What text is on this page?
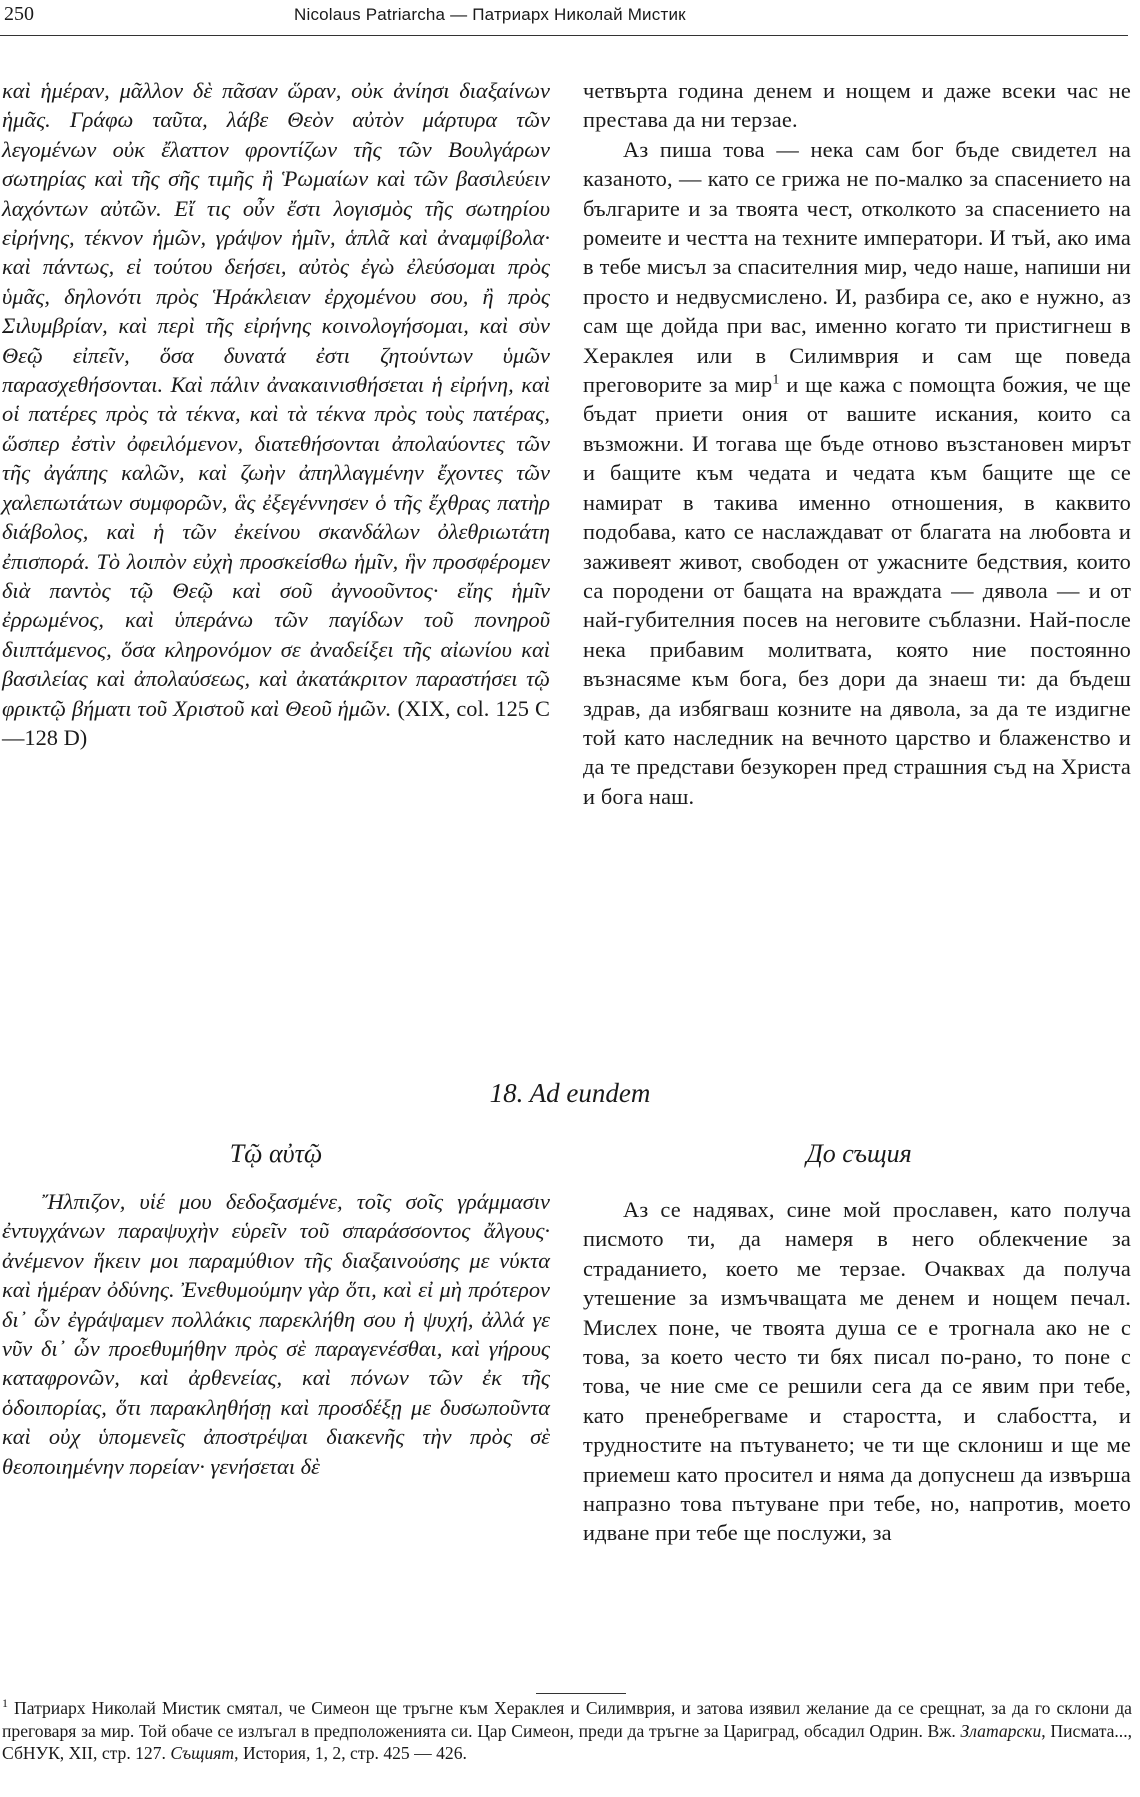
250	Nicolaus Patriarcha — Патриарх Николай Мистик

καὶ ἡμέραν, μᾶλλον δὲ πᾶσαν ὥραν, οὐκ ἀνίησι διαξαίνων ἡμᾶς. Γράφω ταῦτα, λάβε Θεὸν αὐτὸν μάρτυρα τῶν λεγομένων οὐκ ἔλαττον φροντίζων τῆς τῶν Βουλγάρων σωτηρίας καὶ τῆς σῆς τιμῆς ἢ Ῥωμαίων καὶ τῶν βασιλεύειν λαχόντων αὐτῶν. Εἴ τις οὖν ἔστι λογισμὸς τῆς σωτηρίου εἰρήνης, τέκνον ἡμῶν, γράψον ἡμῖν, ἁπλᾶ καὶ ἀναμφίβολα· καὶ πάντως, εἰ τούτου δεήσει, αὐτὸς ἐγὼ ἐλεύσομαι πρὸς ὑμᾶς, δηλονότι πρὸς Ἡράκλειαν ἐρχομένου σου, ἢ πρὸς Σιλυμβρίαν, καὶ περὶ τῆς εἰρήνης κοινολογήσομαι, καὶ σὺν Θεῷ εἰπεῖν, ὅσα δυνατά ἐστι ζητούντων ὑμῶν παρασχεθήσονται. Καὶ πάλιν ἀνακαινισθήσεται ἡ εἰρήνη, καὶ οἱ πατέρες πρὸς τὰ τέκνα, καὶ τὰ τέκνα πρὸς τοὺς πατέρας, ὥσπερ ἐστὶν ὀφειλόμενον, διατεθήσονται ἀπολαύοντες τῶν τῆς ἀγάπης καλῶν, καὶ ζωὴν ἀπηλλαγμένην ἔχοντες τῶν χαλεπωτάτων συμφορῶν, ἃς ἐξεγέννησεν ὁ τῆς ἔχθρας πατὴρ διάβολος, καὶ ἡ τῶν ἐκείνου σκανδάλων ὀλεθριωτάτη ἐπισπορά. Τὸ λοιπὸν εὐχὴ προσκείσθω ἡμῖν, ἣν προσφέρομεν διὰ παντὸς τῷ Θεῷ καὶ σοῦ ἀγνοοῦντος· εἴης ἡμῖν ἐρρωμένος, καὶ ὑπεράνω τῶν παγίδων τοῦ πονηροῦ διιπτάμενος, ὅσα κληρονόμον σε ἀναδείξει τῆς αἰωνίου καὶ βασιλείας καὶ ἀπολαύσεως, καὶ ἀκατάκριτον παραστήσει τῷ φρικτῷ βήματι τοῦ Χριστοῦ καὶ Θεοῦ ἡμῶν. (XIX, col. 125 C—128 D)

четвърта година денем и нощем и даже всеки час не престава да ни терзае.

Аз пиша това — нека сам бог бъде свидетел на казаното, — като се грижа не по-малко за спасението на българите и за твоята чест, отколкото за спасението на ромеите и честта на техните императори. И тъй, ако има в тебе мисъл за спасителния мир, чедо наше, напиши ни просто и недвусмислено. И, разбира се, ако е нужно, аз сам ще дойда при вас, именно когато ти пристигнеш в Хераклея или в Силимврия и сам ще поведа преговорите за мир$^1$ и ще кажа с помощта божия, че ще бъдат приети ония от вашите искания, които са възможни. И тогава ще бъде отново възстановен мирът и бащите към чедата и чедата към бащите ще се намират в такива именно отношения, в каквито подобава, като се наслаждават от благата на любовта и заживеят живот, свободен от ужасните бедствия, които са породени от бащата на враждата — дявола — и от най-губителния посев на неговите съблазни. Най-после нека прибавим молитвата, която ние постоянно възнасяме към бога, без дори да знаеш ти: да бъдеш здрав, да избягваш козните на дявола, за да те издигне той като наследник на вечното царство и блаженство и да те представи безукорен пред страшния съд на Христа и бога наш.

18. Ad eundem
Τῷ αὐτῷ	До същия

Ἤλπιζον, υἱέ μου δεδοξασμένε, τοῖς σοῖς γράμμασιν ἐντυγχάνων παραψυχὴν εὑρεῖν τοῦ σπαράσσοντος ἄλγους· ἀνέμενον ἥκειν μοι παραμύθιον τῆς διαξαινούσης με νύκτα καὶ ἡμέραν ὀδύνης. Ἐνεθυμούμην γὰρ ὅτι, καὶ εἰ μὴ πρότερον δι᾽ ὧν ἐγράψαμεν πολλάκις παρεκλήθη σου ἡ ψυχή, ἀλλά γε νῦν δι᾽ ὧν προεθυμήθην πρὸς σὲ παραγενέσθαι, καὶ γήρους καταφρονῶν, καὶ ἀρθενείας, καὶ πόνων τῶν ἐκ τῆς ὁδοιπορίας, ὅτι παρακληθήσῃ καὶ προσδέξῃ με δυσωποῦντα καὶ οὐχ ὑπομενεῖς ἀποστρέψαι διακενῆς τὴν πρὸς σὲ θεοποιημένην πορείαν· γενήσεται δὲ

Аз се надявах, сине мой прославен, като получа писмото ти, да намеря в него облекчение за страданието, което ме терзае. Очаквах да получа утешение за измъчващата ме денем и нощем печал. Мислех поне, че твоята душа се е трогнала ако не с това, за което често ти бях писал по-рано, то поне с това, че ние сме се решили сега да се явим при тебе, като пренебрегваме и старостта, и слабостта, и трудностите на пътуването; че ти ще склониш и ще ме приемеш като просител и няма да допуснеш да извърша напразно това пътуване при тебе, но, напротив, моето идване при тебе ще послужи, за

$^1$ Патриарх Николай Мистик смятал, че Симеон ще тръгне към Хераклея и Силимврия, и затова изявил желание да се срещнат, за да го склони да преговаря за мир. Той обаче се излъгал в предположенията си. Цар Симеон, преди да тръгне за Цариград, обсадил Одрин. Вж. Златарски, Писмата..., СбНУК, XII, стр. 127. Същият, История, 1, 2, стр. 425 — 426.
